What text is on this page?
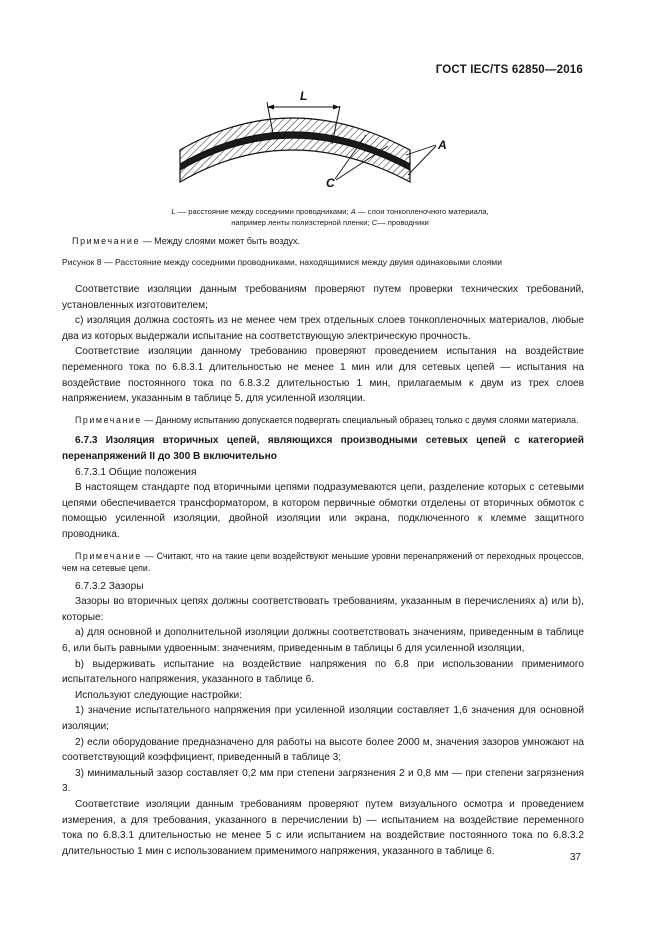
ГОСТ IEC/TS 62850—2016
L
A
C
L –– расстояние между соседними проводниками; A — слои тонкопленочного материала,
например ленты полиэстерной пленки; C–– проводники
Примечание — Между слоями может быть воздух.
Рисунок 8 — Расстояние между соседними проводниками, находящимися между двумя одинаковыми слоями

Соответствие изоляции данным требованиям проверяют путем проверки технических требований, установленных изготовителем;

c) изоляция должна состоять из не менее чем трех отдельных слоев тонкопленочных материалов, любые два из которых выдержали испытание на соответствующую электрическую прочность.

Соответствие изоляции данному требованию проверяют проведением испытания на воздействие переменного тока по 6.8.3.1 длительностью не менее 1 мин или для сетевых цепей — испытания на воздействие постоянного тока по 6.8.3.2 длительностью 1 мин, прилагаемым к двум из трех слоев напряжением, указанным в таблице 5, для усиленной изоляции.

Примечание — Данному испытанию допускается подвергать специальный образец только с двумя слоями материала.

6.7.3 Изоляция вторичных цепей, являющихся производными сетевых цепей с категорией перенапряжений II до 300 В включительно

6.7.3.1 Общие положения

В настоящем стандарте под вторичными цепями подразумеваются цепи, разделение которых с сетевыми цепями обеспечивается трансформатором, в котором первичные обмотки отделены от вторичных обмоток с помощью усиленной изоляции, двойной изоляции или экрана, подключенного к клемме защитного проводника.

Примечание — Считают, что на такие цепи воздействуют меньшие уровни перенапряжений от переходных процессов, чем на сетевые цепи.

6.7.3.2 Зазоры

Зазоры во вторичных цепях должны соответствовать требованиям, указанным в перечислениях a) или b), которые:

a) для основной и дополнительной изоляции должны соответствовать значениям, приведенным в таблице 6, или быть равными удвоенным: значениям, приведенным в таблицы 6 для усиленной изоляции,

b) выдерживать испытание на воздействие напряжения по 6.8 при использовании применимого испытательного напряжения, указанного в таблице 6.

Используют следующие настройки:

1) значение испытательного напряжения при усиленной изоляции составляет 1,6 значения для основной изоляции;

2) если оборудование предназначено для работы на высоте более 2000 м, значения зазоров умножают на соответствующий коэффициент, приведенный в таблице 3;

3) минимальный зазор составляет 0,2 мм при степени загрязнения 2 и 0,8 мм — при степени загрязнения 3.

Соответствие изоляции данным требованиям проверяют путем визуального осмотра и проведением измерения, а для требования, указанного в перечислении b) — испытанием на воздействие переменного тока по 6.8.3.1 длительностью не менее 5 с или испытанием на воздействие постоянного тока по 6.8.3.2 длительностью 1 мин с использованием применимого напряжения, указанного в таблице 6.

37
